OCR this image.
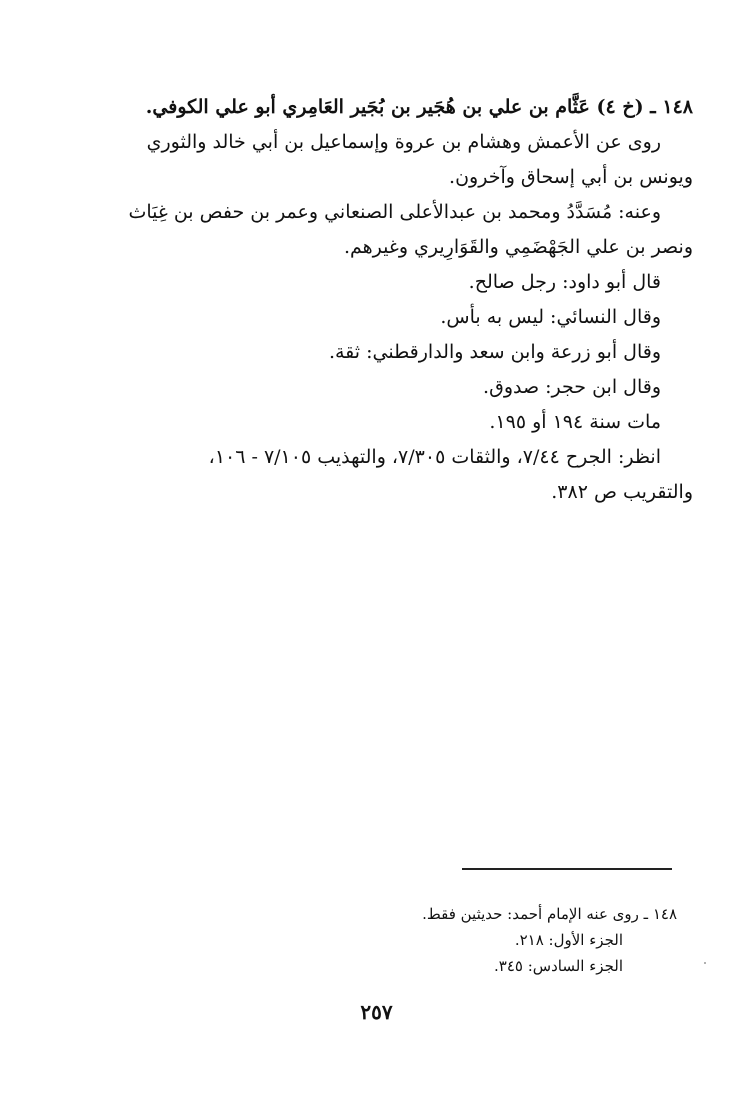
١٤٨ ـ (خ ٤) عَثَّام بن علي بن هُجَير بن بُجَير العَامِري أبو علي الكوفي.
روى عن الأعمش وهشام بن عروة وإسماعيل بن أبي خالد والثوري
ويونس بن أبي إسحاق وآخرون.
وعنه: مُسَدَّدُ ومحمد بن عبدالأعلى الصنعاني وعمر بن حفص بن غِيَاث
ونصر بن علي الجَهْضَمِي والقَوَارِيري وغيرهم.
قال أبو داود: رجل صالح.
وقال النسائي: ليس به بأس.
وقال أبو زرعة وابن سعد والدارقطني: ثقة.
وقال ابن حجر: صدوق.
مات سنة ١٩٤ أو ١٩٥.
انظر: الجرح ٧/٤٤، والثقات ٧/٣٠٥، والتهذيب ٧/١٠٥ - ١٠٦،
والتقريب ص ٣٨٢.
١٤٨ ـ روى عنه الإمام أحمد: حديثين فقط.
الجزء الأول: ٢١٨.
الجزء السادس: ٣٤٥.
٢٥٧
